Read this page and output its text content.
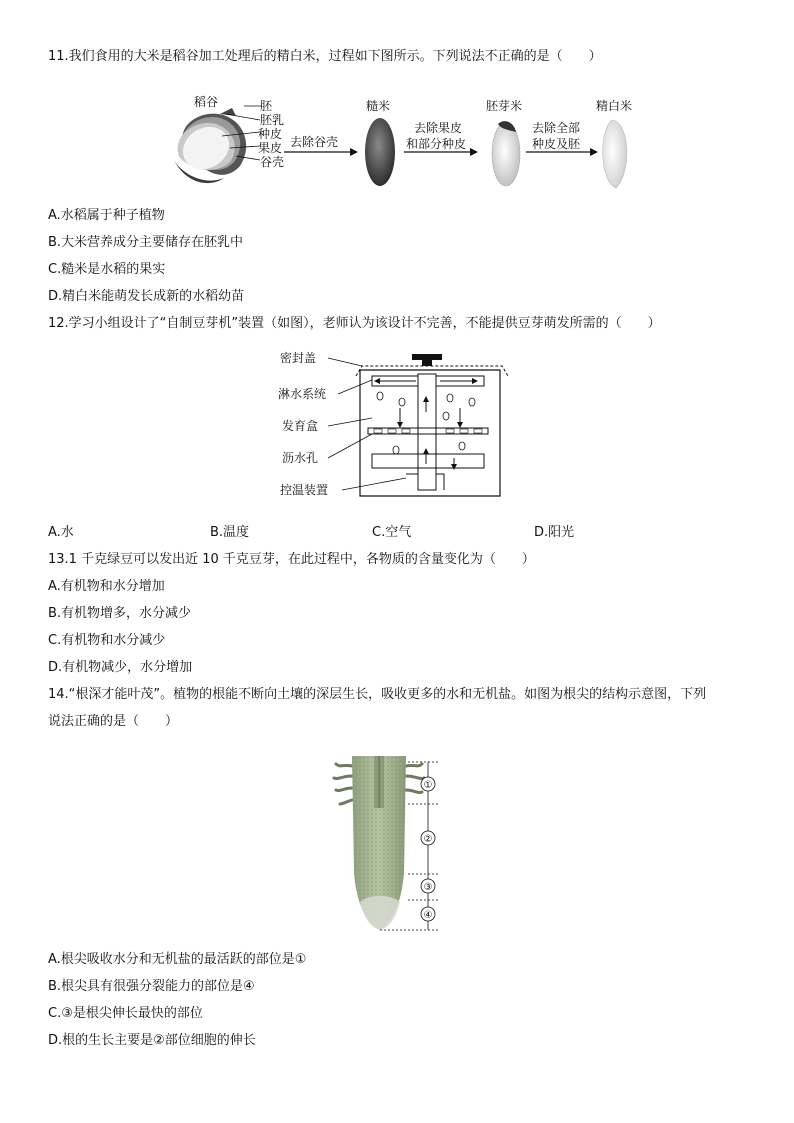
11.我们食用的大米是稻谷加工处理后的精白米，过程如下图所示。下列说法不正确的是（　　）
稻谷	胚
胚乳
种皮
果皮
谷壳
去除谷壳
糙米
去除果皮
和部分种皮
胚芽米
去除全部
种皮及胚
精白米
A.水稻属于种子植物
B.大米营养成分主要储存在胚乳中
C.糙米是水稻的果实
D.精白米能萌发长成新的水稻幼苗
12.学习小组设计了“自制豆芽机”装置（如图），老师认为该设计不完善，不能提供豆芽萌发所需的（　　）
密封盖
淋水系统
发育盒
沥水孔
控温装置
A.水	B.温度	C.空气	D.阳光
13.1 千克绿豆可以发出近 10 千克豆芽，在此过程中，各物质的含量变化为（　　）
A.有机物和水分增加
B.有机物增多，水分减少
C.有机物和水分减少
D.有机物减少，水分增加
14.“根深才能叶茂”。植物的根能不断向土壤的深层生长，吸收更多的水和无机盐。如图为根尖的结构示意图，下列
说法正确的是（　　）
①
②
③
④
A.根尖吸收水分和无机盐的最活跃的部位是①
B.根尖具有很强分裂能力的部位是④
C.③是根尖伸长最快的部位
D.根的生长主要是②部位细胞的伸长
